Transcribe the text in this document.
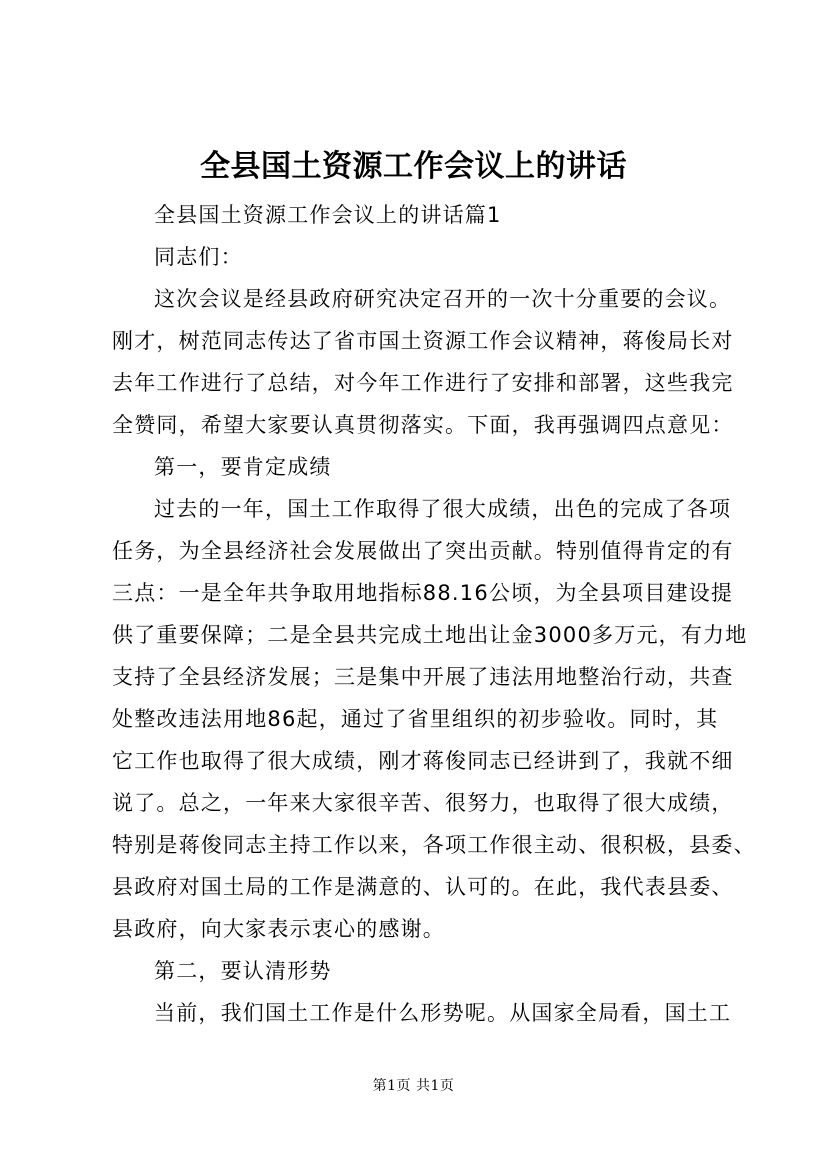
全县国土资源工作会议上的讲话
全县国土资源工作会议上的讲话篇1
同志们：
这次会议是经县政府研究决定召开的一次十分重要的会议。
刚才，树范同志传达了省市国土资源工作会议精神，蒋俊局长对
去年工作进行了总结，对今年工作进行了安排和部署，这些我完
全赞同，希望大家要认真贯彻落实。下面，我再强调四点意见：
第一，要肯定成绩
过去的一年，国土工作取得了很大成绩，出色的完成了各项
任务，为全县经济社会发展做出了突出贡献。特别值得肯定的有
三点：一是全年共争取用地指标88.16公顷，为全县项目建设提
供了重要保障；二是全县共完成土地出让金3000多万元，有力地
支持了全县经济发展；三是集中开展了违法用地整治行动，共查
处整改违法用地86起，通过了省里组织的初步验收。同时，其
它工作也取得了很大成绩，刚才蒋俊同志已经讲到了，我就不细
说了。总之，一年来大家很辛苦、很努力，也取得了很大成绩，
特别是蒋俊同志主持工作以来，各项工作很主动、很积极，县委、
县政府对国土局的工作是满意的、认可的。在此，我代表县委、
县政府，向大家表示衷心的感谢。
第二，要认清形势
当前，我们国土工作是什么形势呢。从国家全局看，国土工
第1页 共1页
